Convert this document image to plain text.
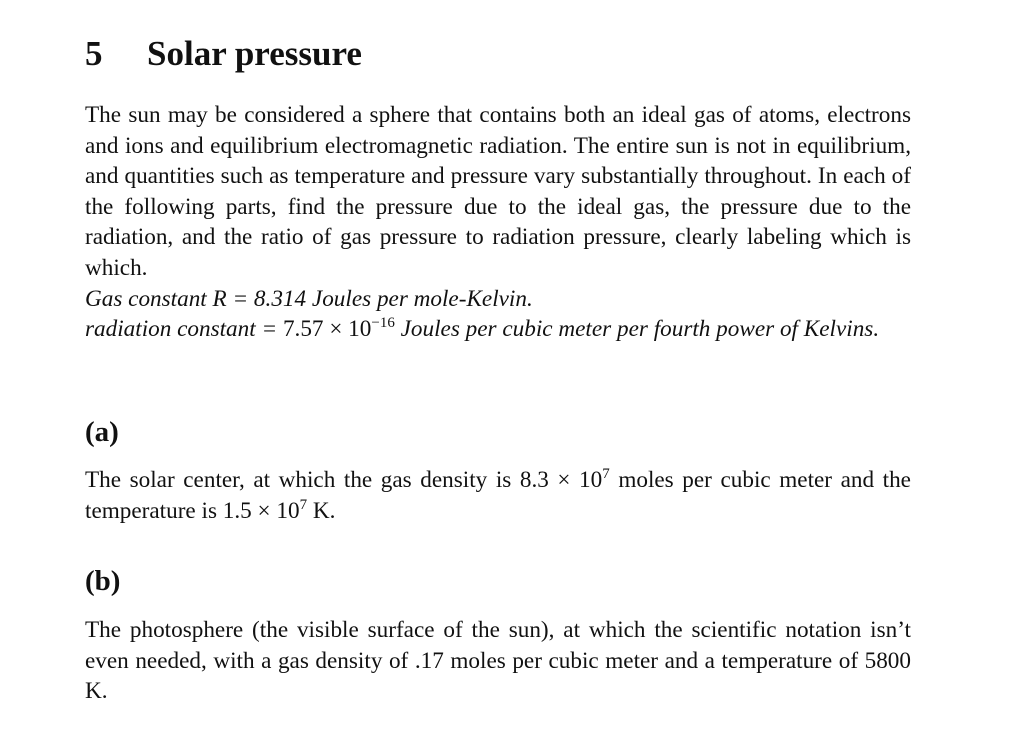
5 Solar pressure
The sun may be considered a sphere that contains both an ideal gas of atoms, electrons and ions and equilibrium electromagnetic radiation. The entire sun is not in equilibrium, and quantities such as temperature and pressure vary substantially throughout. In each of the following parts, find the pressure due to the ideal gas, the pressure due to the radiation, and the ratio of gas pressure to radiation pressure, clearly labeling which is which.
Gas constant R = 8.314 Joules per mole-Kelvin.
radiation constant = $7.57 \times 10^{-16}$ Joules per cubic meter per fourth power of Kelvins.
(a)
The solar center, at which the gas density is $8.3 \times 10^7$ moles per cubic meter and the temperature is $1.5 \times 10^7$ K.
(b)
The photosphere (the visible surface of the sun), at which the scientific notation isn’t even needed, with a gas density of .17 moles per cubic meter and a temperature of 5800 K.
